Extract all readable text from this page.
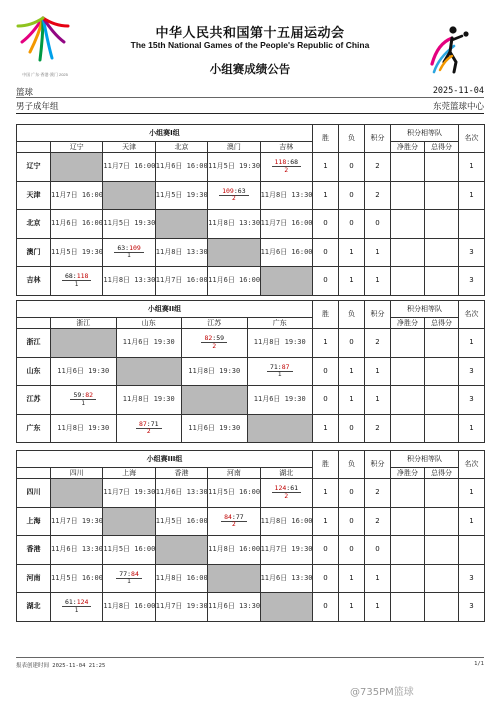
中国 广东·香港·澳门 2025
中华人民共和国第十五届运动会
The 15th National Games of the People's Republic of China
小组赛成绩公告
篮球	2025-11-04
男子成年组	东莞篮球中心
小组赛I组						胜	负	积分	积分相等队		名次
	辽宁	天津	北京	澳门	吉林				净胜分	总得分	
辽宁		11月7日 16:00	11月6日 16:00	11月5日 19:30	$\frac{118:68}{2}$	1	0	2			1
天津	11月7日 16:00		11月5日 19:30	$\frac{109:63}{2}$	11月8日 13:30	1	0	2			1
北京	11月6日 16:00	11月5日 19:30		11月8日 13:30	11月7日 16:00	0	0	0			
澳门	11月5日 19:30	$\frac{63:109}{1}$	11月8日 13:30		11月6日 16:00	0	1	1			3
吉林	$\frac{68:118}{1}$	11月8日 13:30	11月7日 16:00	11月6日 16:00		0	1	1			3
小组赛II组					胜	负	积分	积分相等队		名次
	浙江	山东	江苏	广东				净胜分	总得分	
浙江		11月6日 19:30	$\frac{82:59}{2}$	11月8日 19:30	1	0	2			1
山东	11月6日 19:30		11月8日 19:30	$\frac{71:87}{1}$	0	1	1			3
江苏	$\frac{59:82}{1}$	11月8日 19:30		11月6日 19:30	0	1	1			3
广东	11月8日 19:30	$\frac{87:71}{2}$	11月6日 19:30		1	0	2			1
小组赛III组						胜	负	积分	积分相等队		名次
	四川	上海	香港	河南	湖北				净胜分	总得分	
四川		11月7日 19:30	11月6日 13:30	11月5日 16:00	$\frac{124:61}{2}$	1	0	2			1
上海	11月7日 19:30		11月5日 16:00	$\frac{84:77}{2}$	11月8日 16:00	1	0	2			1
香港	11月6日 13:30	11月5日 16:00		11月8日 16:00	11月7日 19:30	0	0	0			
河南	11月5日 16:00	$\frac{77:84}{1}$	11月8日 16:00		11月6日 13:30	0	1	1			3
湖北	$\frac{61:124}{1}$	11月8日 16:00	11月7日 19:30	11月6日 13:30		0	1	1			3
报表创建时间 2025-11-04 21:25	1/1
@735PM篮球
